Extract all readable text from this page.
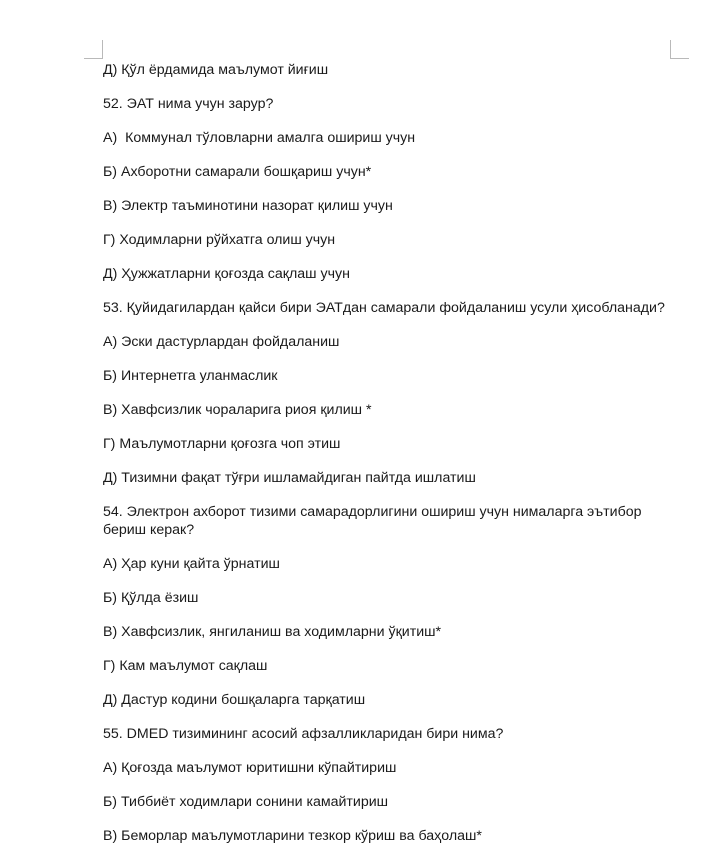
Д) Қўл ёрдамида маълумот йиғиш

52. ЭАТ нима учун зарур?

А)  Коммунал тўловларни амалга ошириш учун

Б) Ахборотни самарали бошқариш учун*

В) Электр таъминотини назорат қилиш учун

Г) Ходимларни рўйхатга олиш учун

Д) Ҳужжатларни қоғозда сақлаш учун

53. Қуйидагилардан қайси бири ЭАТдан самарали фойдаланиш усули ҳисобланади?

А) Эски дастурлардан фойдаланиш

Б) Интернетга уланмаслик

В) Хавфсизлик чораларига риоя қилиш *

Г) Маълумотларни қоғозга чоп этиш

Д) Тизимни фақат тўғри ишламайдиган пайтда ишлатиш

54. Электрон ахборот тизими самарадорлигини ошириш учун нималарга эътибор бериш керак?

А) Ҳар куни қайта ўрнатиш

Б) Қўлда ёзиш

В) Хавфсизлик, янгиланиш ва ходимларни ўқитиш*

Г) Кам маълумот сақлаш

Д) Дастур кодини бошқаларга тарқатиш

55. DMED тизимининг асосий афзалликларидан бири нима?

А) Қоғозда маълумот юритишни кўпайтириш

Б) Тиббиёт ходимлари сонини камайтириш

В) Беморлар маълумотларини тезкор кўриш ва баҳолаш*
